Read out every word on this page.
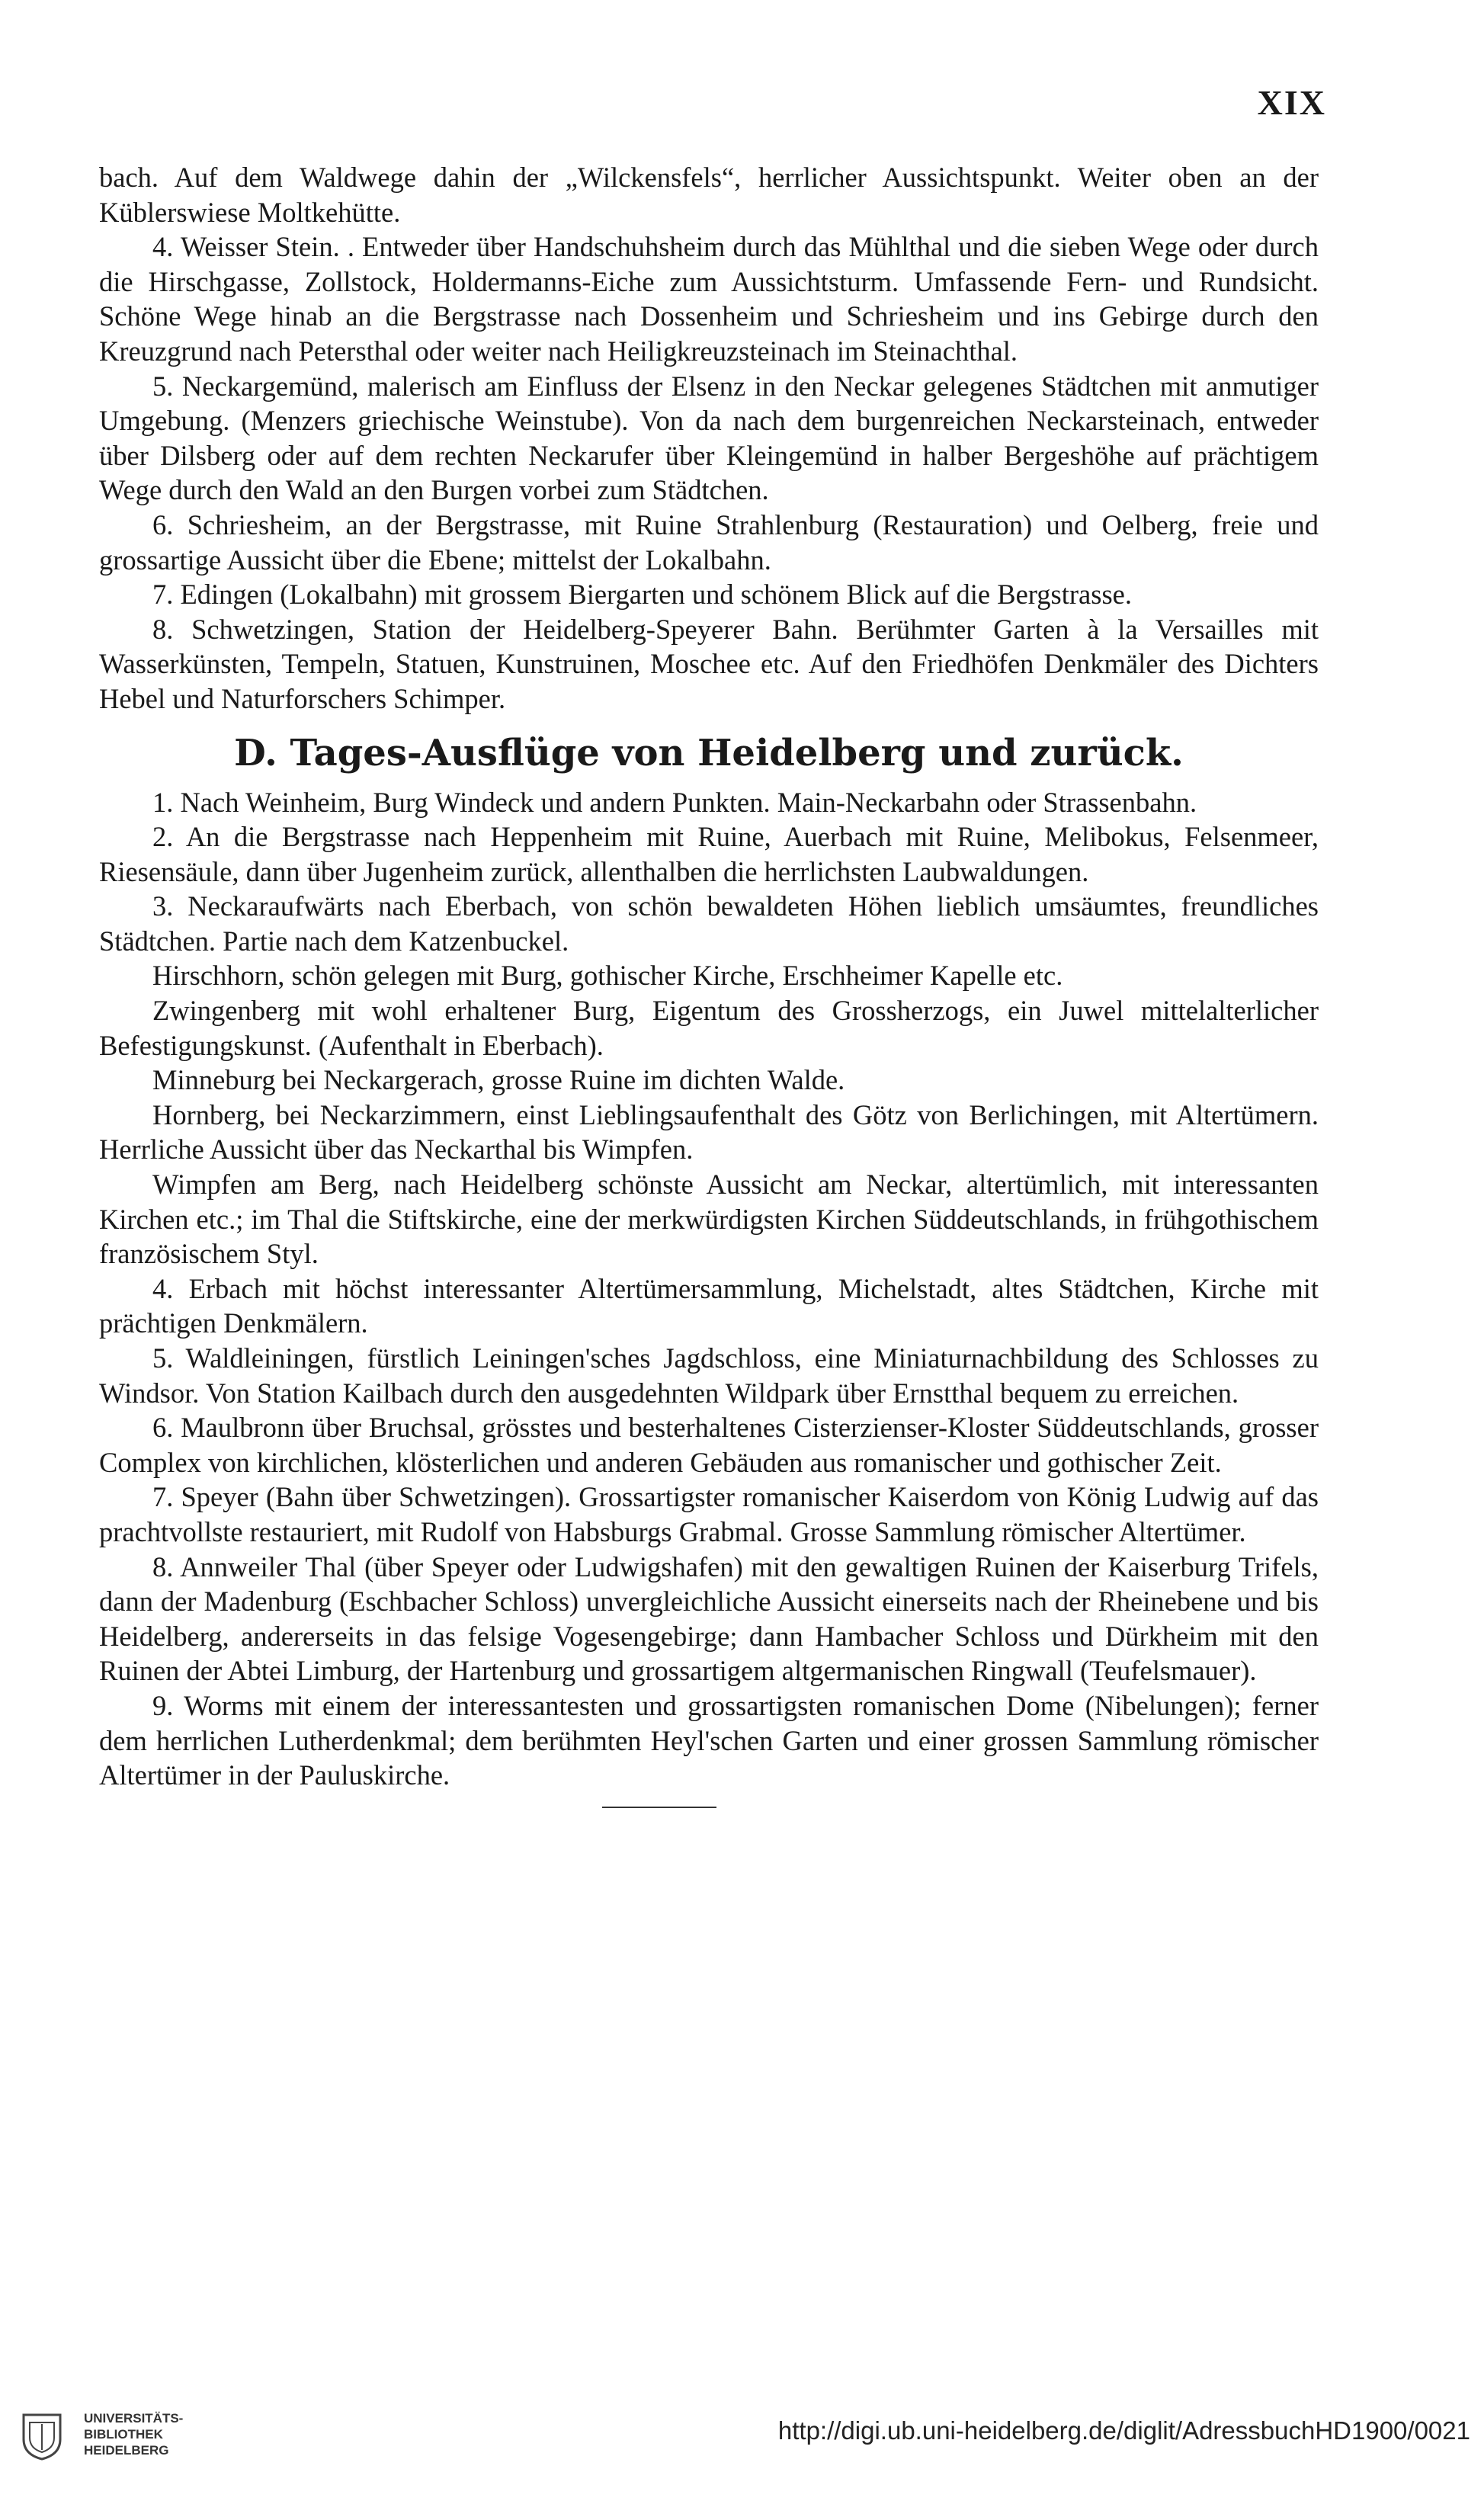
XIX

bach. Auf dem Waldwege dahin der „Wilckensfels“, herrlicher Aussichtspunkt. Weiter oben an der Küblerswiese Moltkehütte.

4. Weisser Stein. . Entweder über Handschuhsheim durch das Mühlthal und die sieben Wege oder durch die Hirschgasse, Zollstock, Holdermanns-Eiche zum Aussichtsturm. Umfassende Fern- und Rundsicht. Schöne Wege hinab an die Bergstrasse nach Dossenheim und Schriesheim und ins Gebirge durch den Kreuzgrund nach Petersthal oder weiter nach Heiligkreuzsteinach im Steinachthal.

5. Neckargemünd, malerisch am Einfluss der Elsenz in den Neckar gelegenes Städtchen mit anmutiger Umgebung. (Menzers griechische Weinstube). Von da nach dem burgenreichen Neckarsteinach, entweder über Dilsberg oder auf dem rechten Neckarufer über Kleingemünd in halber Bergeshöhe auf prächtigem Wege durch den Wald an den Burgen vorbei zum Städtchen.

6. Schriesheim, an der Bergstrasse, mit Ruine Strahlenburg (Restauration) und Oelberg, freie und grossartige Aussicht über die Ebene; mittelst der Lokalbahn.

7. Edingen (Lokalbahn) mit grossem Biergarten und schönem Blick auf die Bergstrasse.

8. Schwetzingen, Station der Heidelberg-Speyerer Bahn. Berühmter Garten à la Versailles mit Wasserkünsten, Tempeln, Statuen, Kunstruinen, Moschee etc. Auf den Friedhöfen Denkmäler des Dichters Hebel und Naturforschers Schimper.

D. Tages-Ausflüge von Heidelberg und zurück.

1. Nach Weinheim, Burg Windeck und andern Punkten. Main-Neckarbahn oder Strassenbahn.

2. An die Bergstrasse nach Heppenheim mit Ruine, Auerbach mit Ruine, Melibokus, Felsenmeer, Riesensäule, dann über Jugenheim zurück, allenthalben die herrlichsten Laubwaldungen.

3. Neckaraufwärts nach Eberbach, von schön bewaldeten Höhen lieblich umsäumtes, freundliches Städtchen. Partie nach dem Katzenbuckel.

Hirschhorn, schön gelegen mit Burg, gothischer Kirche, Erschheimer Kapelle etc.

Zwingenberg mit wohl erhaltener Burg, Eigentum des Grossherzogs, ein Juwel mittelalterlicher Befestigungskunst. (Aufenthalt in Eberbach).

Minneburg bei Neckargerach, grosse Ruine im dichten Walde.

Hornberg, bei Neckarzimmern, einst Lieblingsaufenthalt des Götz von Berlichingen, mit Altertümern. Herrliche Aussicht über das Neckarthal bis Wimpfen.

Wimpfen am Berg, nach Heidelberg schönste Aussicht am Neckar, altertümlich, mit interessanten Kirchen etc.; im Thal die Stiftskirche, eine der merkwürdigsten Kirchen Süddeutschlands, in frühgothischem französischem Styl.

4. Erbach mit höchst interessanter Altertümersammlung, Michelstadt, altes Städtchen, Kirche mit prächtigen Denkmälern.

5. Waldleiningen, fürstlich Leiningen'sches Jagdschloss, eine Miniaturnachbildung des Schlosses zu Windsor. Von Station Kailbach durch den ausgedehnten Wildpark über Ernstthal bequem zu erreichen.

6. Maulbronn über Bruchsal, grösstes und besterhaltenes Cisterzienser-Kloster Süddeutschlands, grosser Complex von kirchlichen, klösterlichen und anderen Gebäuden aus romanischer und gothischer Zeit.

7. Speyer (Bahn über Schwetzingen). Grossartigster romanischer Kaiserdom von König Ludwig auf das prachtvollste restauriert, mit Rudolf von Habsburgs Grabmal. Grosse Sammlung römischer Altertümer.

8. Annweiler Thal (über Speyer oder Ludwigshafen) mit den gewaltigen Ruinen der Kaiserburg Trifels, dann der Madenburg (Eschbacher Schloss) unvergleichliche Aussicht einerseits nach der Rheinebene und bis Heidelberg, andererseits in das felsige Vogesengebirge; dann Hambacher Schloss und Dürkheim mit den Ruinen der Abtei Limburg, der Hartenburg und grossartigem altgermanischen Ringwall (Teufelsmauer).

9. Worms mit einem der interessantesten und grossartigsten romanischen Dome (Nibelungen); ferner dem herrlichen Lutherdenkmal; dem berühmten Heyl'schen Garten und einer grossen Sammlung römischer Altertümer in der Pauluskirche.

UNIVERSITÄTS-
BIBLIOTHEK
HEIDELBERG
http://digi.ub.uni-heidelberg.de/diglit/AdressbuchHD1900/0021
